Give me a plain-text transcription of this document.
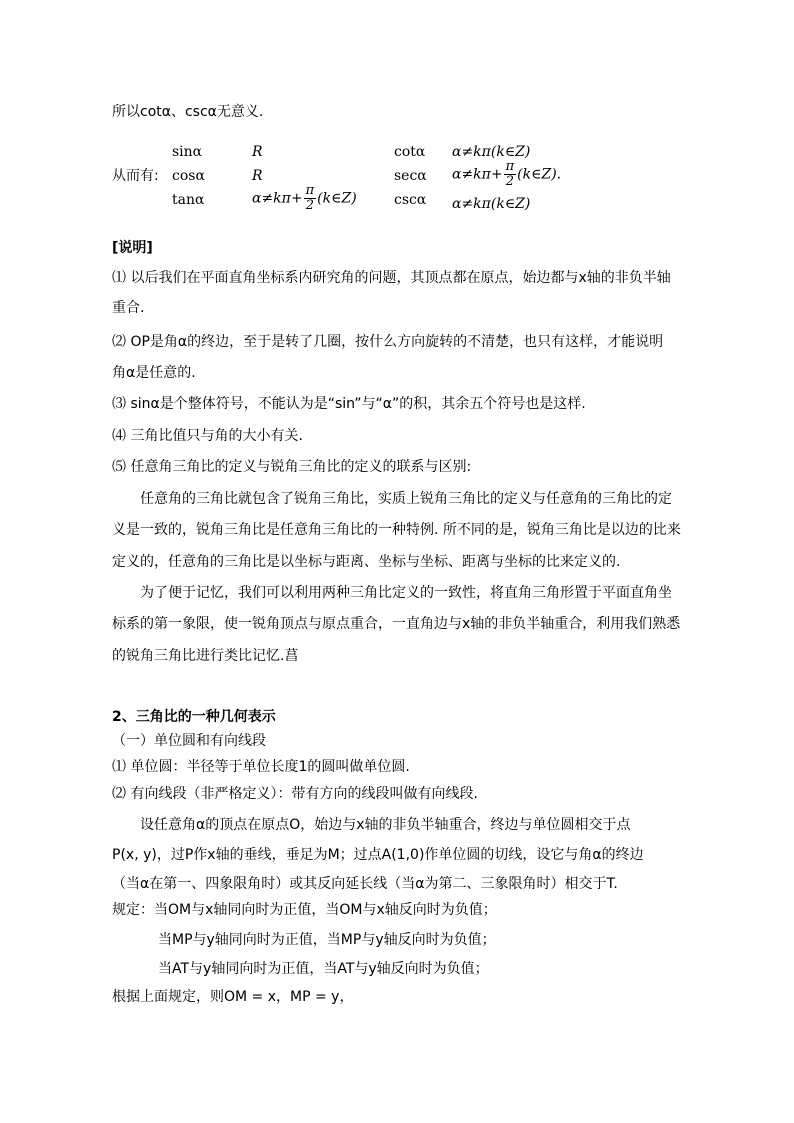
所以cotα、cscα无意义.
从而有:
sinα	R	cotα α≠kπ(k∈Z)
cosα	R	secα $\alpha\ne k\pi+ \frac{\pi}{2}$ (k∈Z).
tanα	$\alpha\ne k\pi+ \frac{\pi}{2}$ (k∈Z)	cscα α≠kπ(k∈Z)
[说明]
⑴ 以后我们在平面直角坐标系内研究角的问题，其顶点都在原点，始边都与x轴的非负半轴
重合.
⑵ OP是角α的终边，至于是转了几圈，按什么方向旋转的不清楚，也只有这样，才能说明
角α是任意的.
⑶ sinα是个整体符号，不能认为是“sin”与“α”的积，其余五个符号也是这样.
⑷ 三角比值只与角的大小有关.
⑸ 任意角三角比的定义与锐角三角比的定义的联系与区别:
任意角的三角比就包含了锐角三角比，实质上锐角三角比的定义与任意角的三角比的定
义是一致的，锐角三角比是任意角三角比的一种特例. 所不同的是，锐角三角比是以边的比来
定义的，任意角的三角比是以坐标与距离、坐标与坐标、距离与坐标的比来定义的.
为了便于记忆，我们可以利用两种三角比定义的一致性，将直角三角形置于平面直角坐
标系的第一象限，使一锐角顶点与原点重合，一直角边与x轴的非负半轴重合，利用我们熟悉
的锐角三角比进行类比记忆.菖
2、三角比的一种几何表示
（一）单位圆和有向线段
⑴ 单位圆：半径等于单位长度1的圆叫做单位圆.
⑵ 有向线段（非严格定义）：带有方向的线段叫做有向线段.
设任意角α的顶点在原点O，始边与x轴的非负半轴重合，终边与单位圆相交于点
P(x, y)，过P作x轴的垂线，垂足为M；过点A(1,0)作单位圆的切线，设它与角α的终边
（当α在第一、四象限角时）或其反向延长线（当α为第二、三象限角时）相交于T.
规定：当OM与x轴同向时为正值，当OM与x轴反向时为负值；
当MP与y轴同向时为正值，当MP与y轴反向时为负值；
当AT与y轴同向时为正值，当AT与y轴反向时为负值；
根据上面规定，则OM = x，MP = y，
